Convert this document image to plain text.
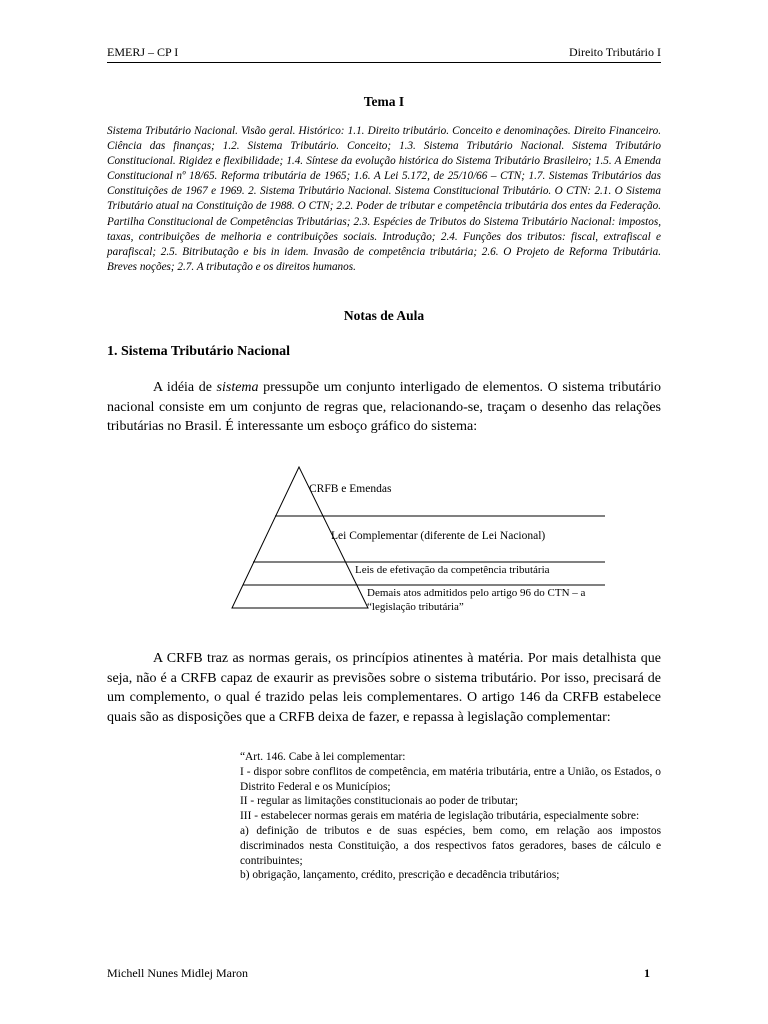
EMERJ – CP I	Direito Tributário I
Tema I
Sistema Tributário Nacional. Visão geral. Histórico: 1.1. Direito tributário. Conceito e denominações. Direito Financeiro. Ciência das finanças; 1.2. Sistema Tributário. Conceito; 1.3. Sistema Tributário Nacional. Sistema Tributário Constitucional. Rigidez e flexibilidade; 1.4. Síntese da evolução histórica do Sistema Tributário Brasileiro; 1.5. A Emenda Constitucional nº 18/65. Reforma tributária de 1965; 1.6. A Lei 5.172, de 25/10/66 – CTN; 1.7. Sistemas Tributários das Constituições de 1967 e 1969. 2. Sistema Tributário Nacional. Sistema Constitucional Tributário. O CTN: 2.1. O Sistema Tributário atual na Constituição de 1988. O CTN; 2.2. Poder de tributar e competência tributária dos entes da Federação. Partilha Constitucional de Competências Tributárias; 2.3. Espécies de Tributos do Sistema Tributário Nacional: impostos, taxas, contribuições de melhoria e contribuições sociais. Introdução; 2.4. Funções dos tributos: fiscal, extrafiscal e parafiscal; 2.5. Bitributação e bis in idem. Invasão de competência tributária; 2.6. O Projeto de Reforma Tributária. Breves noções; 2.7. A tributação e os direitos humanos.
Notas de Aula
1. Sistema Tributário Nacional
A idéia de sistema pressupõe um conjunto interligado de elementos. O sistema tributário nacional consiste em um conjunto de regras que, relacionando-se, traçam o desenho das relações tributárias no Brasil. É interessante um esboço gráfico do sistema:
CRFB e Emendas
Lei Complementar (diferente de Lei Nacional)
Leis de efetivação da competência tributária
Demais atos admitidos pelo artigo 96 do CTN – a
“legislação tributária”
A CRFB traz as normas gerais, os princípios atinentes à matéria. Por mais detalhista que seja, não é a CRFB capaz de exaurir as previsões sobre o sistema tributário. Por isso, precisará de um complemento, o qual é trazido pelas leis complementares. O artigo 146 da CRFB estabelece quais são as disposições que a CRFB deixa de fazer, e repassa à legislação complementar:

“Art. 146. Cabe à lei complementar:

I - dispor sobre conflitos de competência, em matéria tributária, entre a União, os Estados, o Distrito Federal e os Municípios;

II - regular as limitações constitucionais ao poder de tributar;

III - estabelecer normas gerais em matéria de legislação tributária, especialmente sobre:

a) definição de tributos e de suas espécies, bem como, em relação aos impostos discriminados nesta Constituição, a dos respectivos fatos geradores, bases de cálculo e contribuintes;

b) obrigação, lançamento, crédito, prescrição e decadência tributários;

Michell Nunes Midlej Maron	1
